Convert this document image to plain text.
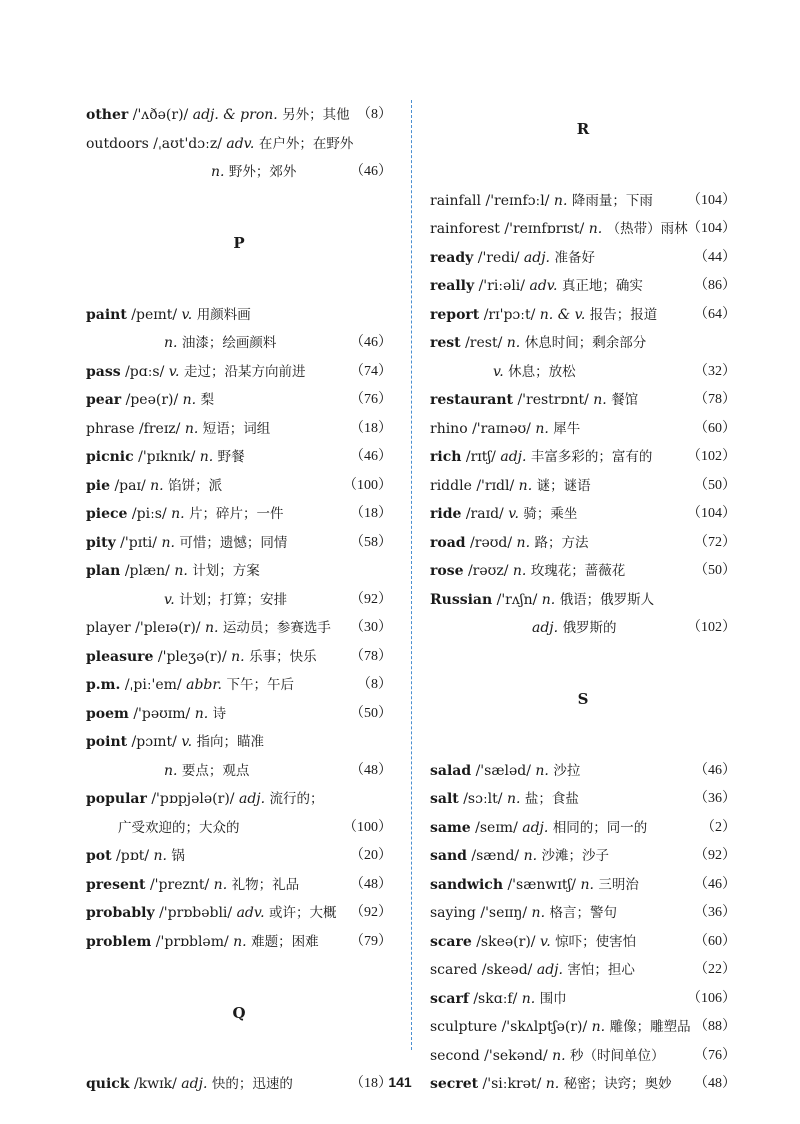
other /'ʌðə(r)/ adj. & pron. 另外；其他 （8）
outdoors /ˌaʊt'dɔːz/ adv. 在户外；在野外
n. 野外；郊外	（46）
P
paint /peɪnt/ v. 用颜料画
n. 油漆；绘画颜料	（46）
pass /pɑːs/ v. 走过；沿某方向前进	（74）
pear /peə(r)/ n. 梨	（76）
phrase /freɪz/ n. 短语；词组	（18）
picnic /'pɪknɪk/ n. 野餐	（46）
pie /paɪ/ n. 馅饼；派	（100）
piece /piːs/ n. 片；碎片；一件	（18）
pity /'pɪti/ n. 可惜；遗憾；同情	（58）
plan /plæn/ n. 计划；方案
v. 计划；打算；安排	（92）
player /'pleɪə(r)/ n. 运动员；参赛选手 （30）
pleasure /'pleʒə(r)/ n. 乐事；快乐 （78）
p.m. /ˌpiː'em/ abbr. 下午；午后	（8）
poem /'pəʊɪm/ n. 诗	（50）
point /pɔɪnt/ v. 指向；瞄准
n. 要点；观点	（48）
popular /'pɒpjələ(r)/ adj. 流行的；
广受欢迎的；大众的	（100）
pot /pɒt/ n. 锅	（20）
present /'preznt/ n. 礼物；礼品	（48）
probably /'prɒbəbli/ adv. 或许；大概 （92）
problem /'prɒbləm/ n. 难题；困难 （79）
Q
quick /kwɪk/ adj. 快的；迅速的	（18）
R
rainfall /'reɪnfɔːl/ n. 降雨量；下雨 （104）
rainforest /'reɪnfɒrɪst/ n. （热带）雨林 （104）
ready /'redi/ adj. 准备好	（44）
really /'riːəli/ adv. 真正地；确实	（86）
report /rɪ'pɔːt/ n. & v. 报告；报道	（64）
rest /rest/ n. 休息时间；剩余部分
v. 休息；放松	（32）
restaurant /'restrɒnt/ n. 餐馆	（78）
rhino /'raɪnəʊ/ n. 犀牛	（60）
rich /rɪtʃ/ adj. 丰富多彩的；富有的 （102）
riddle /'rɪdl/ n. 谜；谜语	（50）
ride /raɪd/ v. 骑；乘坐	（104）
road /rəʊd/ n. 路；方法	（72）
rose /rəʊz/ n. 玫瑰花；蔷薇花	（50）
Russian /'rʌʃn/ n. 俄语；俄罗斯人
adj. 俄罗斯的	（102）
S
salad /'sæləd/ n. 沙拉	（46）
salt /sɔːlt/ n. 盐；食盐	（36）
same /seɪm/ adj. 相同的；同一的	（2）
sand /sænd/ n. 沙滩；沙子	（92）
sandwich /'sænwɪtʃ/ n. 三明治	（46）
saying /'seɪɪŋ/ n. 格言；警句	（36）
scare /skeə(r)/ v. 惊吓；使害怕	（60）
scared /skeəd/ adj. 害怕；担心	（22）
scarf /skɑːf/ n. 围巾	（106）
sculpture /'skʌlptʃə(r)/ n. 雕像；雕塑品 （88）
second /'sekənd/ n. 秒（时间单位） （76）
secret /'siːkrət/ n. 秘密；诀窍；奥妙 （48）
141
